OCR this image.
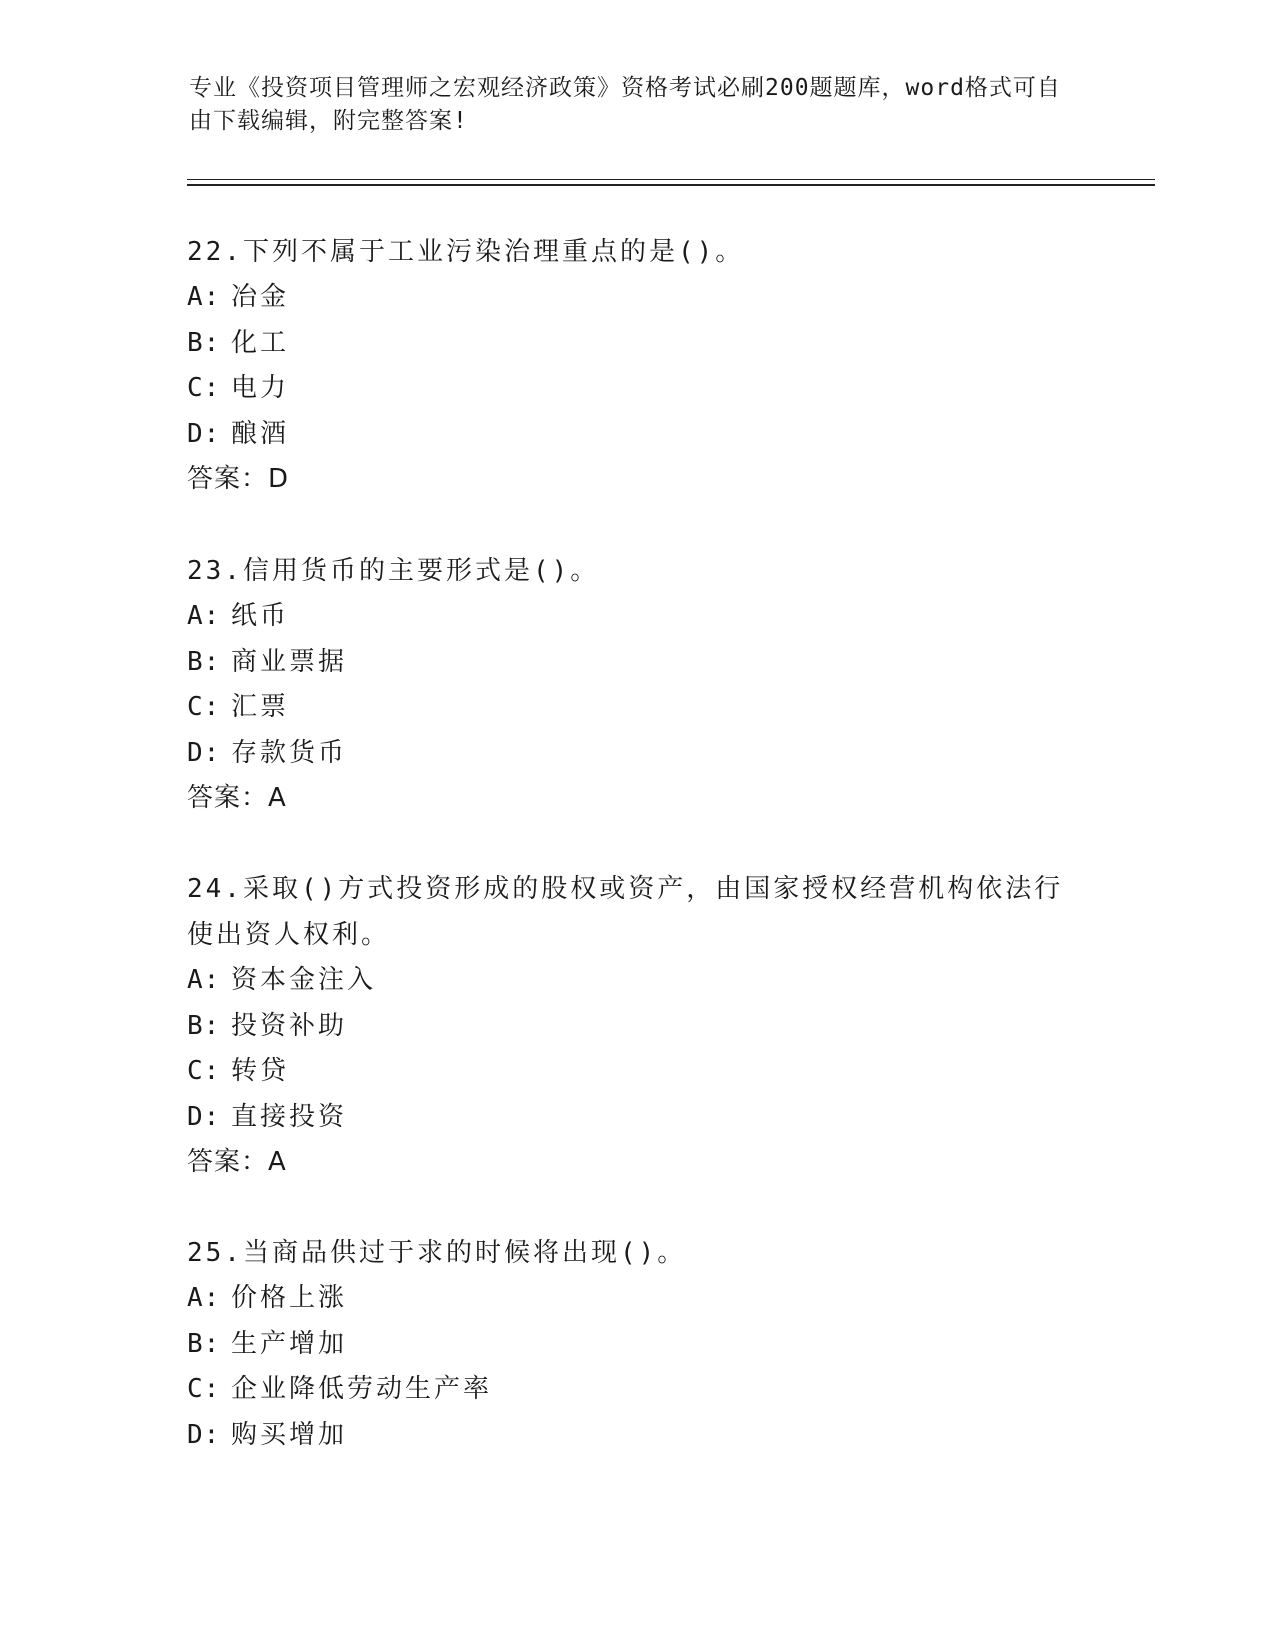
专业《投资项目管理师之宏观经济政策》资格考试必刷200题题库，word格式可自由下载编辑，附完整答案!
22.下列不属于工业污染治理重点的是()。
A: 冶金
B: 化工
C: 电力
D: 酿酒
答案：D
23.信用货币的主要形式是()。
A: 纸币
B: 商业票据
C: 汇票
D: 存款货币
答案：A
24.采取()方式投资形成的股权或资产，由国家授权经营机构依法行使出资人权利。
A: 资本金注入
B: 投资补助
C: 转贷
D: 直接投资
答案：A
25.当商品供过于求的时候将出现()。
A: 价格上涨
B: 生产增加
C: 企业降低劳动生产率
D: 购买增加
